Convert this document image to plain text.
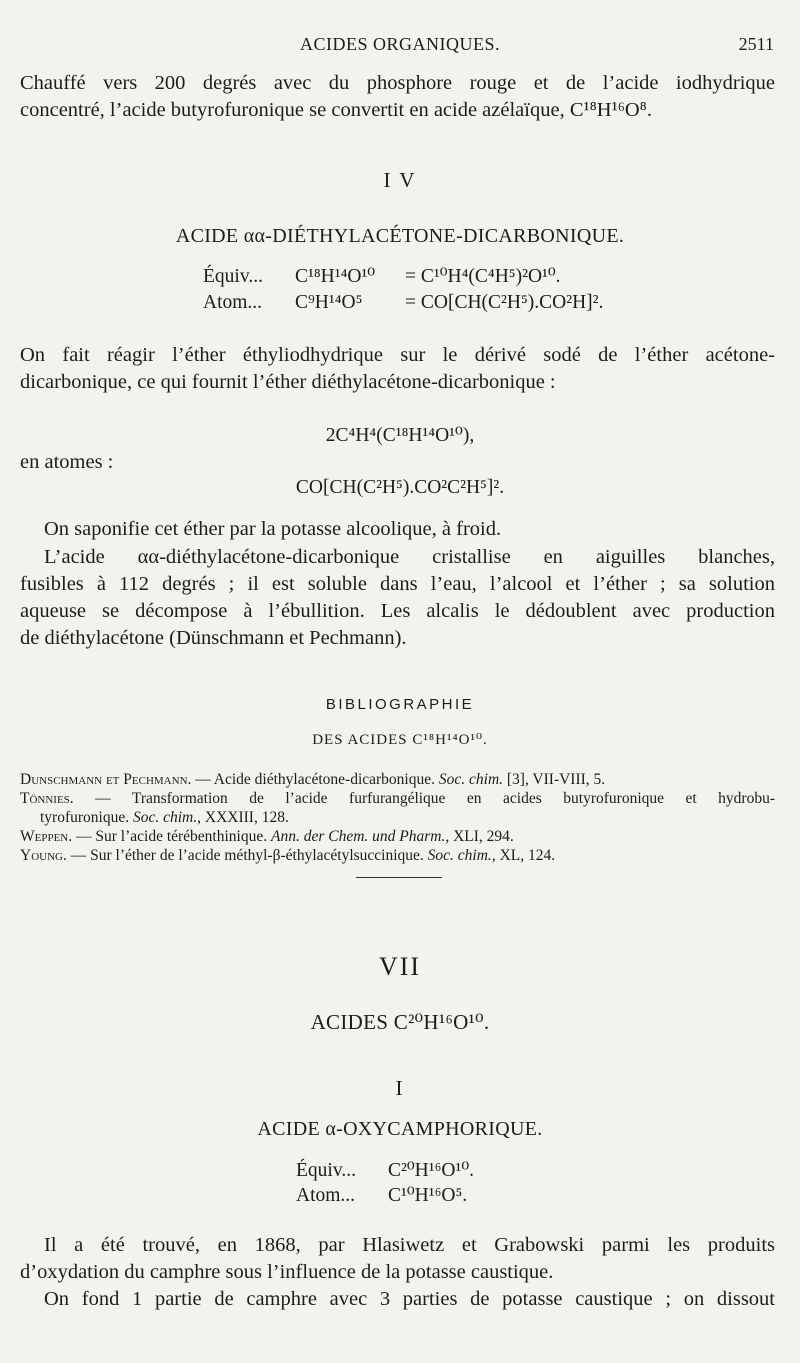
ACIDES ORGANIQUES.	2511
Chauffé vers 200 degrés avec du phosphore rouge et de l’acide iodhydrique
concentré, l’acide butyrofuronique se convertit en acide azélaïque, C¹⁸H¹⁶O⁸.
I V
ACIDE αα-DIÉTHYLACÉTONE-DICARBONIQUE.
Équiv... C¹⁸H¹⁴O¹⁰ = C¹⁰H⁴(C⁴H⁵)²O¹⁰.
Atom... C⁹H¹⁴O⁵ = CO[CH(C²H⁵).CO²H]².
On fait réagir l’éther éthyliodhydrique sur le dérivé sodé de l’éther acétone-
dicarbonique, ce qui fournit l’éther diéthylacétone-dicarbonique :
2C⁴H⁴(C¹⁸H¹⁴O¹⁰),
en atomes :
CO[CH(C²H⁵).CO²C²H⁵]².
On saponifie cet éther par la potasse alcoolique, à froid.
L’acide αα-diéthylacétone-dicarbonique cristallise en aiguilles blanches,
fusibles à 112 degrés ; il est soluble dans l’eau, l’alcool et l’éther ; sa solution
aqueuse se décompose à l’ébullition. Les alcalis le dédoublent avec production
de diéthylacétone (Dünschmann et Pechmann).
BIBLIOGRAPHIE
DES ACIDES C¹⁸H¹⁴O¹⁰.
Dunschmann et Pechmann. — Acide diéthylacétone-dicarbonique. Soc. chim. [3], VII-VIII, 5.
Tönnies. — Transformation de l’acide furfurangélique en acides butyrofuronique et hydrobu-
tyrofuronique. Soc. chim., XXXIII, 128.
Weppen. — Sur l’acide térébenthinique. Ann. der Chem. und Pharm., XLI, 294.
Young. — Sur l’éther de l’acide méthyl-β-éthylacétylsuccinique. Soc. chim., XL, 124.
VII
ACIDES C²⁰H¹⁶O¹⁰.
I
ACIDE α-OXYCAMPHORIQUE.
Équiv... C²⁰H¹⁶O¹⁰.
Atom... C¹⁰H¹⁶O⁵.
Il a été trouvé, en 1868, par Hlasiwetz et Grabowski parmi les produits
d’oxydation du camphre sous l’influence de la potasse caustique.
On fond 1 partie de camphre avec 3 parties de potasse caustique ; on dissout
